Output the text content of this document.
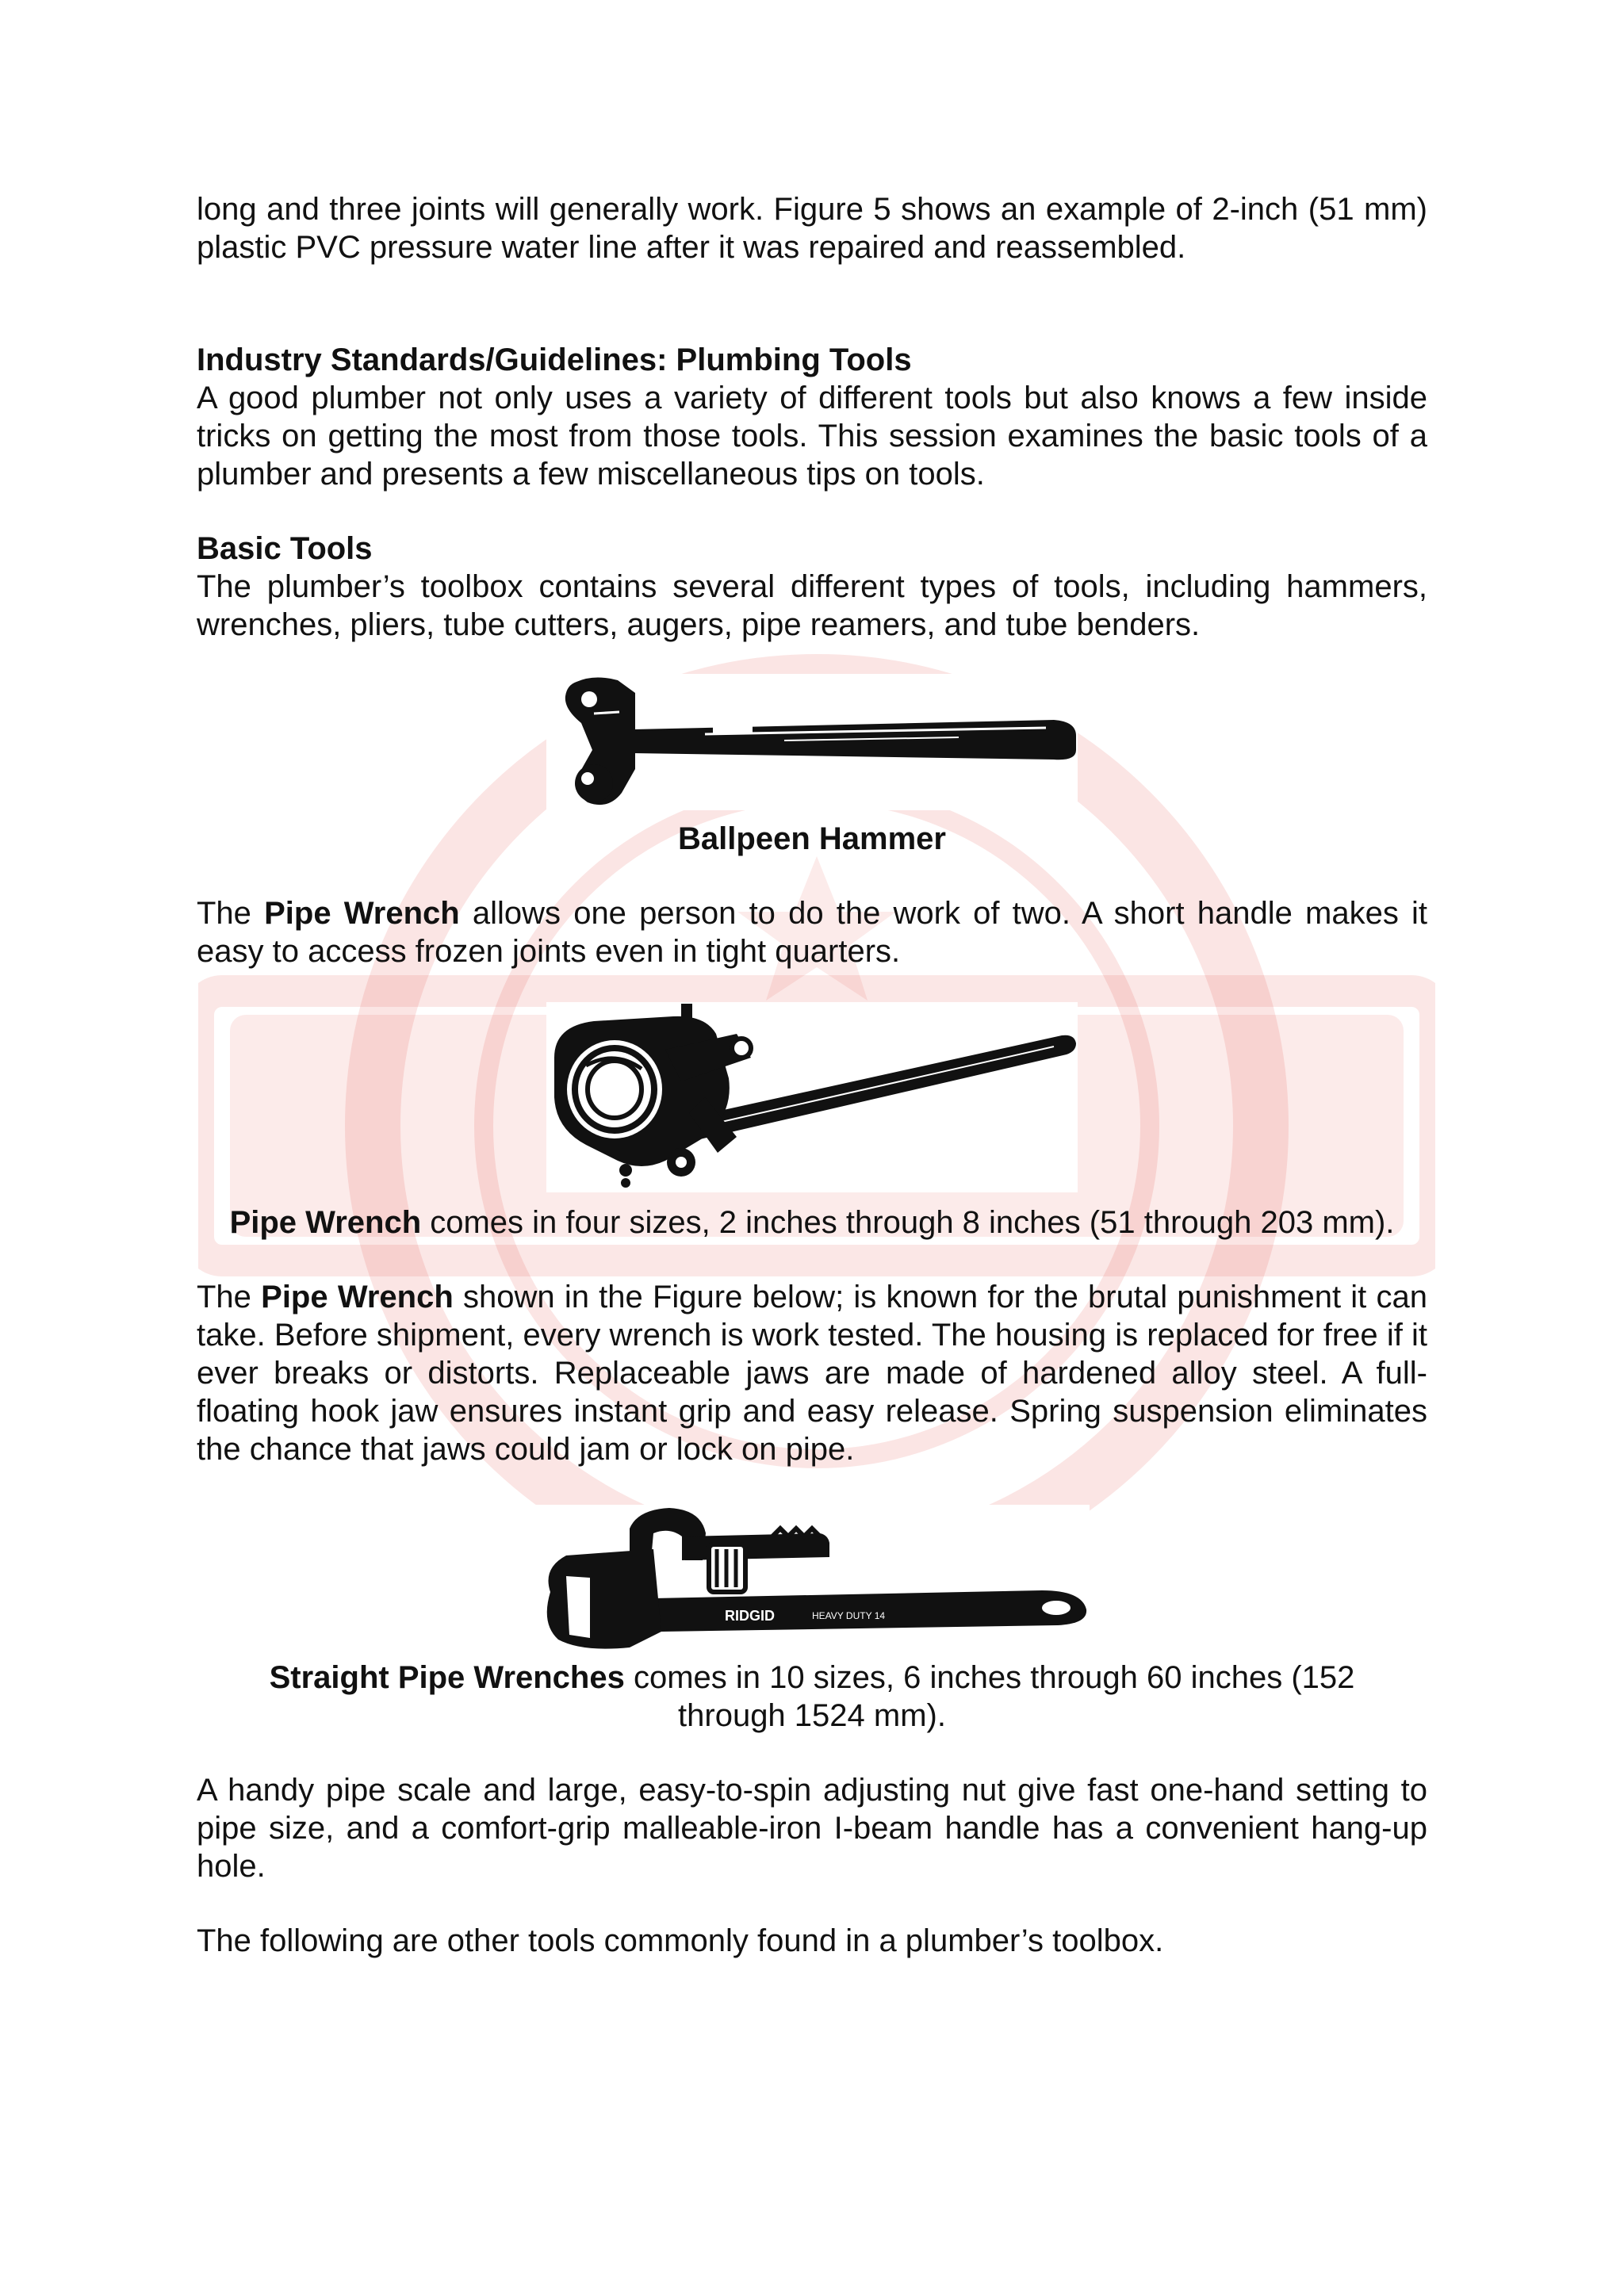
long and three joints will generally work. Figure 5 shows an example of 2-inch (51 mm) plastic PVC pressure water line after it was repaired and reassembled.

Industry Standards/Guidelines: Plumbing Tools

A good plumber not only uses a variety of different tools but also knows a few inside tricks on getting the most from those tools. This session examines the basic tools of a plumber and presents a few miscellaneous tips on tools.

Basic Tools

The plumber’s toolbox contains several different types of tools, including hammers, wrenches, pliers, tube cutters, augers, pipe reamers, and tube benders.

Ballpeen Hammer

The Pipe Wrench allows one person to do the work of two. A short handle makes it easy to access frozen joints even in tight quarters.

Pipe Wrench comes in four sizes, 2 inches through 8 inches (51 through 203 mm).

The Pipe Wrench shown in the Figure below; is known for the brutal punishment it can take. Before shipment, every wrench is work tested. The housing is replaced for free if it ever breaks or distorts. Replaceable jaws are made of hardened alloy steel. A full-floating hook jaw ensures instant grip and easy release. Spring suspension eliminates the chance that jaws could jam or lock on pipe.

RIDGID	HEAVY DUTY 14

Straight Pipe Wrenches comes in 10 sizes, 6 inches through 60 inches (152 through 1524 mm).

A handy pipe scale and large, easy-to-spin adjusting nut give fast one-hand setting to pipe size, and a comfort-grip malleable-iron I-beam handle has a convenient hang-up hole.

The following are other tools commonly found in a plumber’s toolbox.
